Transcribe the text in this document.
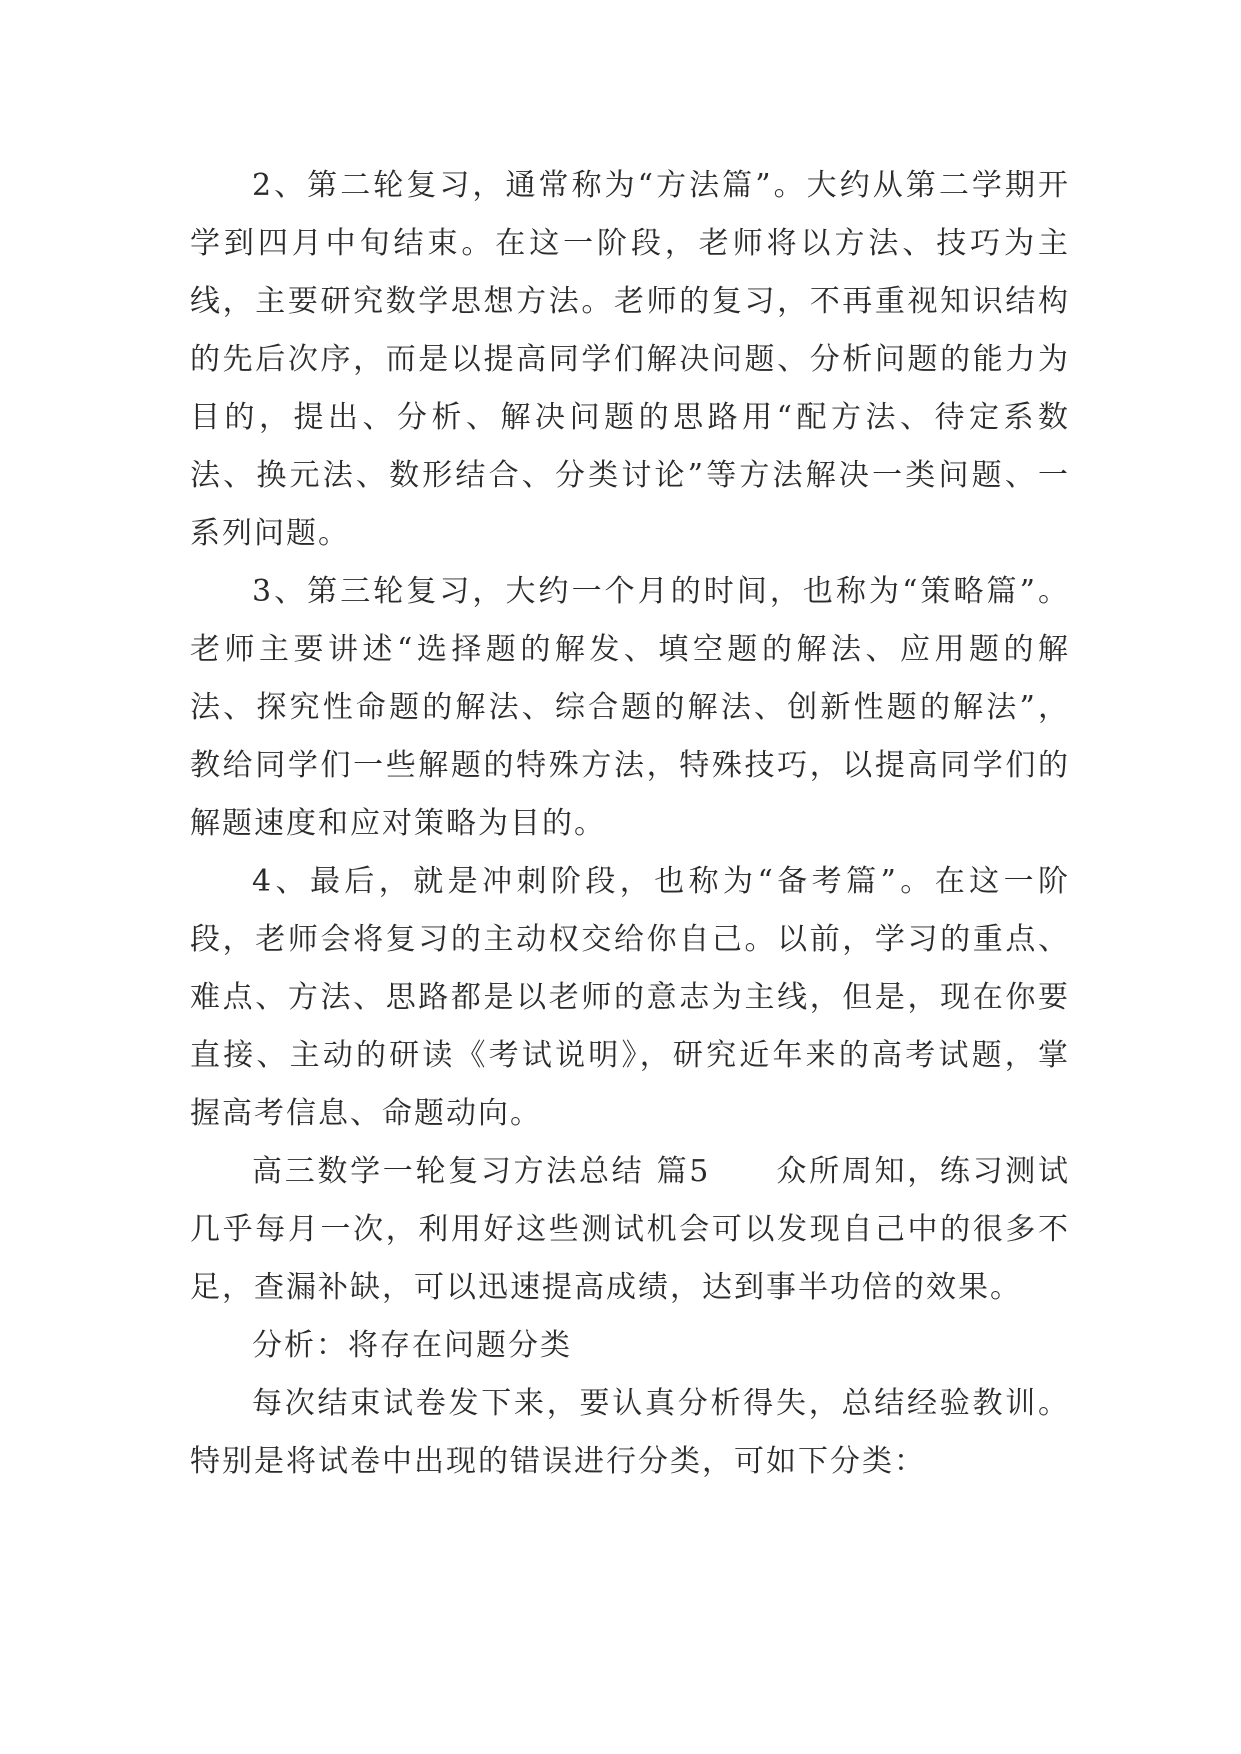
2、第二轮复习，通常称为“方法篇”。大约从第二学期开学到四月中旬结束。在这一阶段，老师将以方法、技巧为主线，主要研究数学思想方法。老师的复习，不再重视知识结构的先后次序，而是以提高同学们解决问题、分析问题的能力为目的，提出、分析、解决问题的思路用“配方法、待定系数法、换元法、数形结合、分类讨论”等方法解决一类问题、一系列问题。

3、第三轮复习，大约一个月的时间，也称为“策略篇”。老师主要讲述“选择题的解发、填空题的解法、应用题的解法、探究性命题的解法、综合题的解法、创新性题的解法”，教给同学们一些解题的特殊方法，特殊技巧，以提高同学们的解题速度和应对策略为目的。

4、最后，就是冲刺阶段，也称为“备考篇”。在这一阶段，老师会将复习的主动权交给你自己。以前，学习的重点、难点、方法、思路都是以老师的意志为主线，但是，现在你要直接、主动的研读《考试说明》，研究近年来的高考试题，掌握高考信息、命题动向。

高三数学一轮复习方法总结 篇5　　众所周知，练习测试几乎每月一次，利用好这些测试机会可以发现自己中的很多不足，查漏补缺，可以迅速提高成绩，达到事半功倍的效果。

分析：将存在问题分类

每次结束试卷发下来，要认真分析得失，总结经验教训。特别是将试卷中出现的错误进行分类，可如下分类：
